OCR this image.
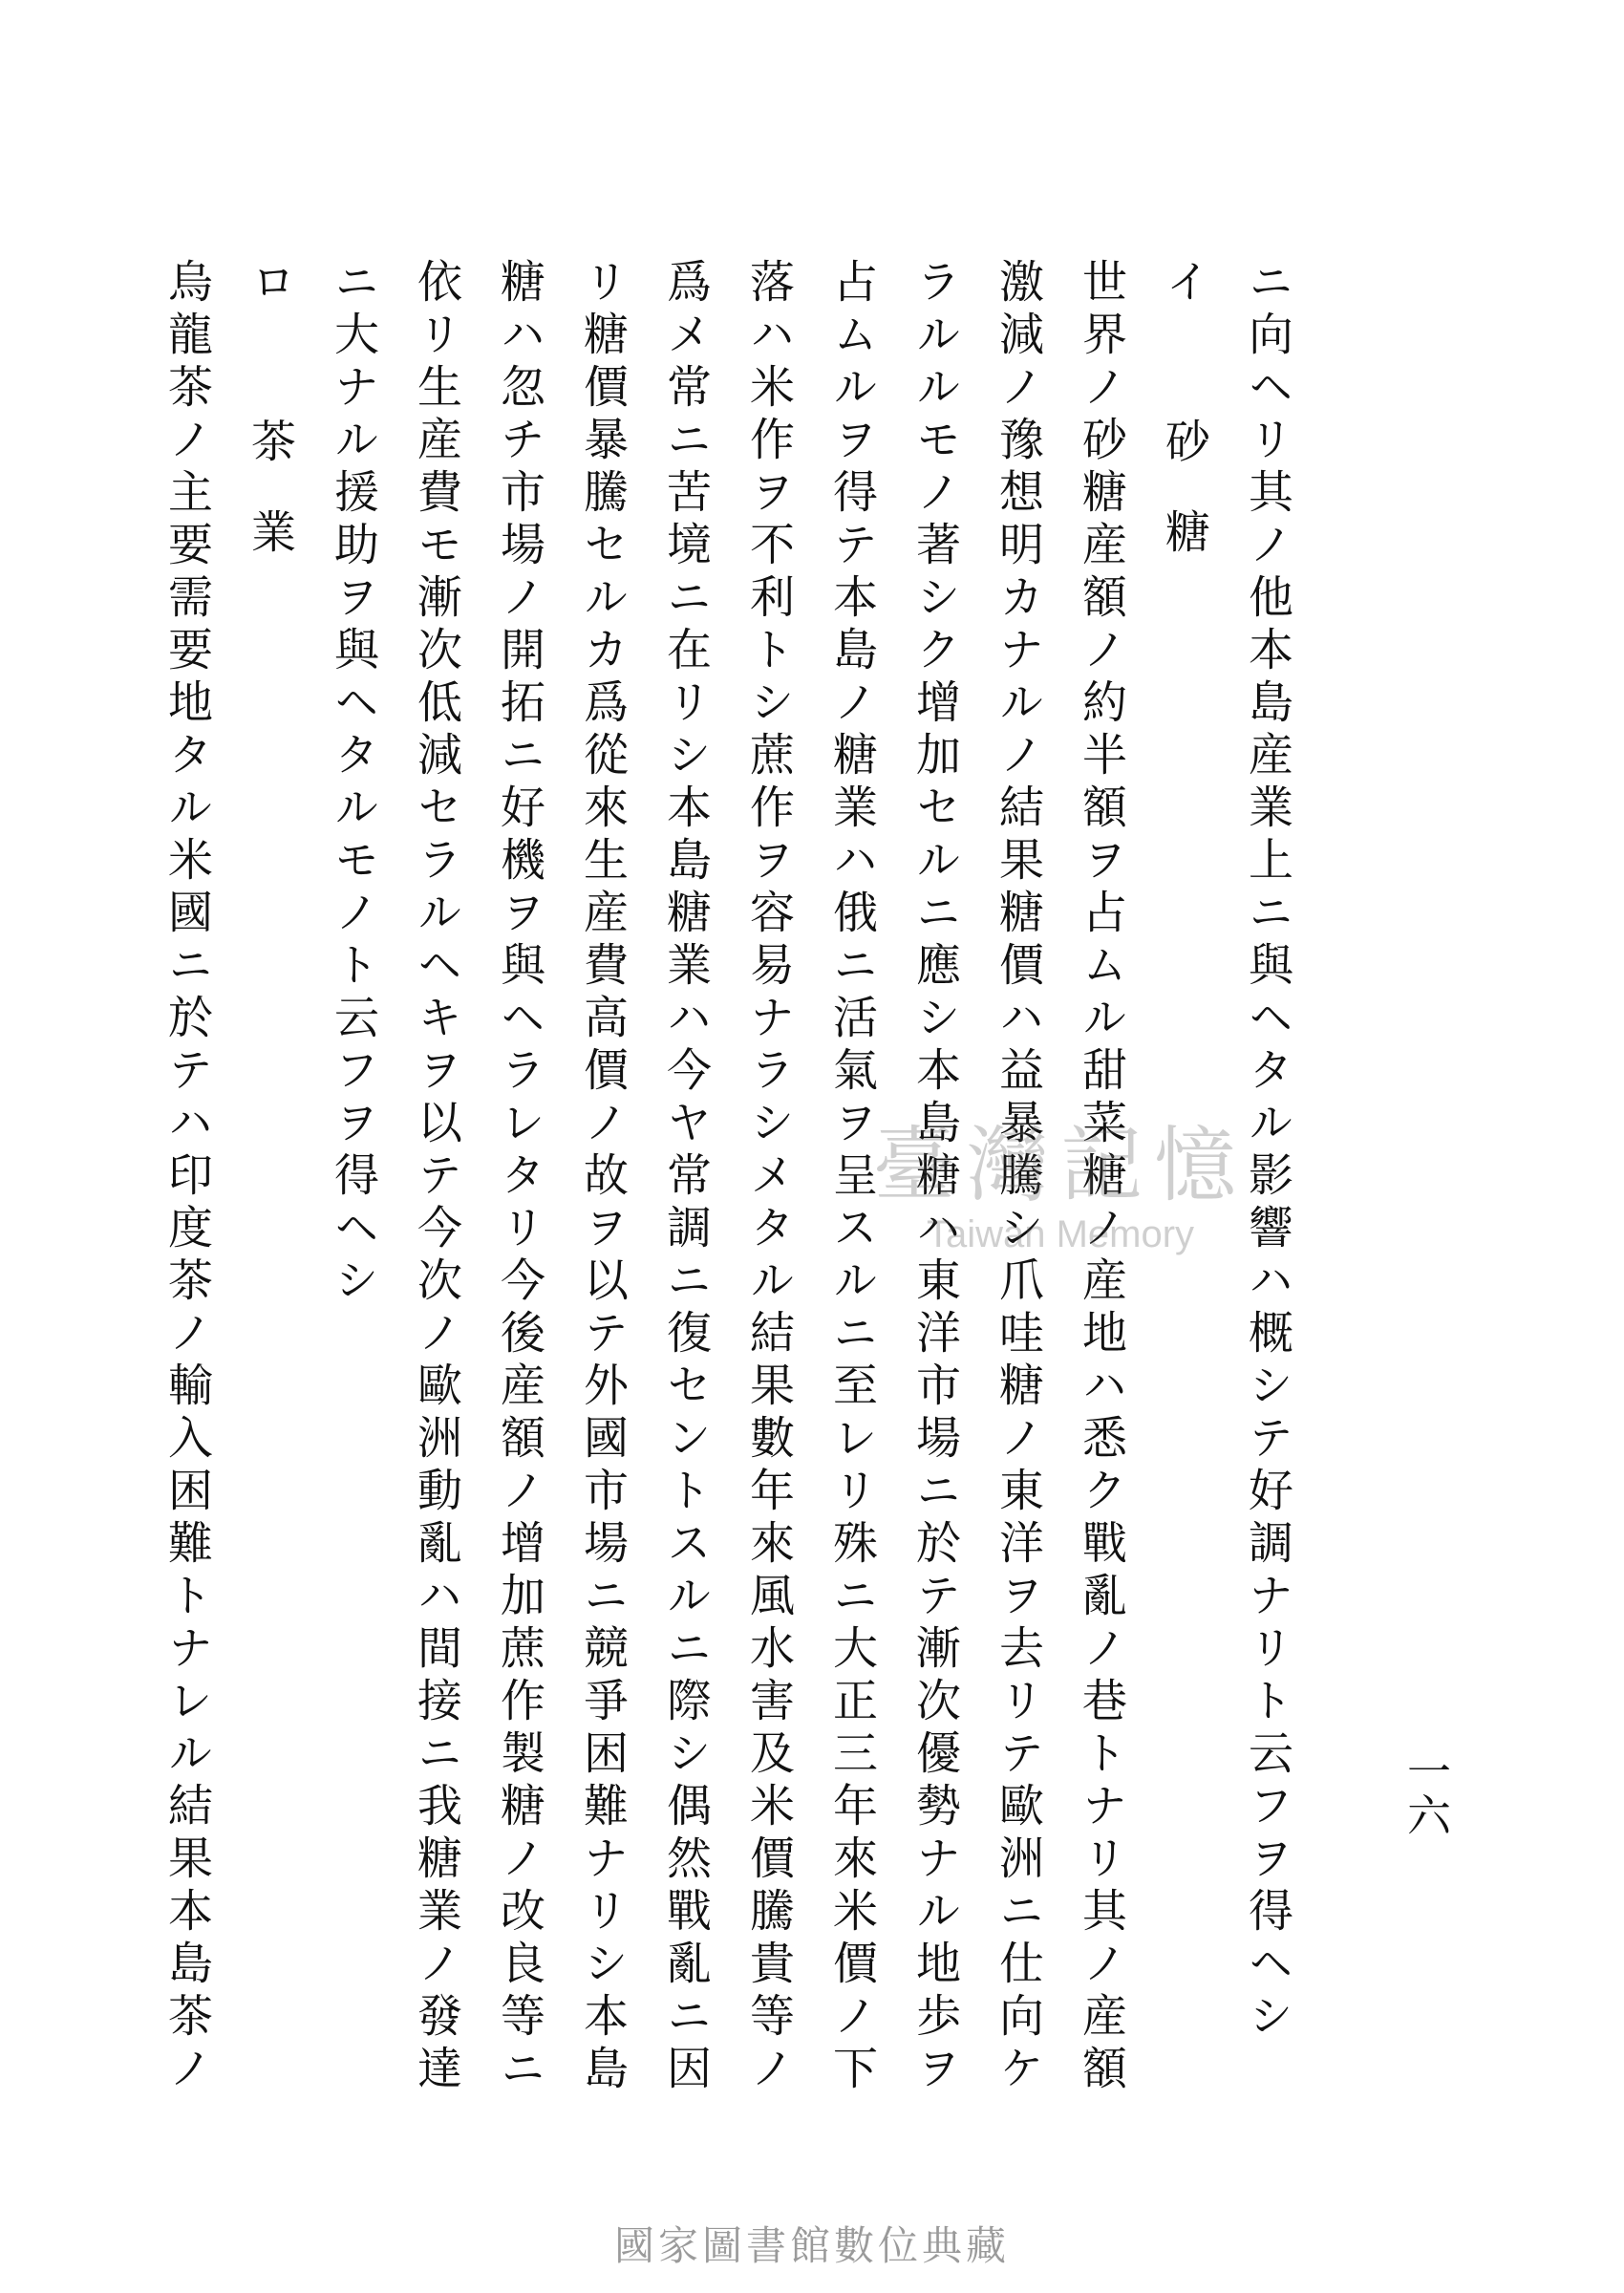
一六

ニ向ヘリ其ノ他本島産業上ニ與ヘタル影響ハ概シテ好調ナリト云フヲ得ヘシ

イ砂糖

世界ノ砂糖産額ノ約半額ヲ占ムル甜菜糖ノ産地ハ悉ク戰亂ノ巷トナリ其ノ産額

激減ノ豫想明カナルノ結果糖價ハ益暴騰シ爪哇糖ノ東洋ヲ去リテ歐洲ニ仕向ケ

ラルルモノ著シク增加セルニ應シ本島糖ハ東洋市場ニ於テ漸次優勢ナル地歩ヲ

占ムルヲ得テ本島ノ糖業ハ俄ニ活氣ヲ呈スルニ至レリ殊ニ大正三年來米價ノ下

落ハ米作ヲ不利トシ蔗作ヲ容易ナラシメタル結果數年來風水害及米價騰貴等ノ

爲メ常ニ苦境ニ在リシ本島糖業ハ今ヤ常調ニ復セントスルニ際シ偶然戰亂ニ因

リ糖價暴騰セルカ爲從來生産費高價ノ故ヲ以テ外國市場ニ競爭困難ナリシ本島

糖ハ忽チ市場ノ開拓ニ好機ヲ與ヘラレタリ今後産額ノ增加蔗作製糖ノ改良等ニ

依リ生産費モ漸次低減セラルヘキヲ以テ今次ノ歐洲動亂ハ間接ニ我糖業ノ發達

ニ大ナル援助ヲ與ヘタルモノト云フヲ得ヘシ

ロ茶業

烏龍茶ノ主要需要地タル米國ニ於テハ印度茶ノ輸入困難トナレル結果本島茶ノ	臺灣記憶
Taiwan Memory
國家圖書館數位典藏
